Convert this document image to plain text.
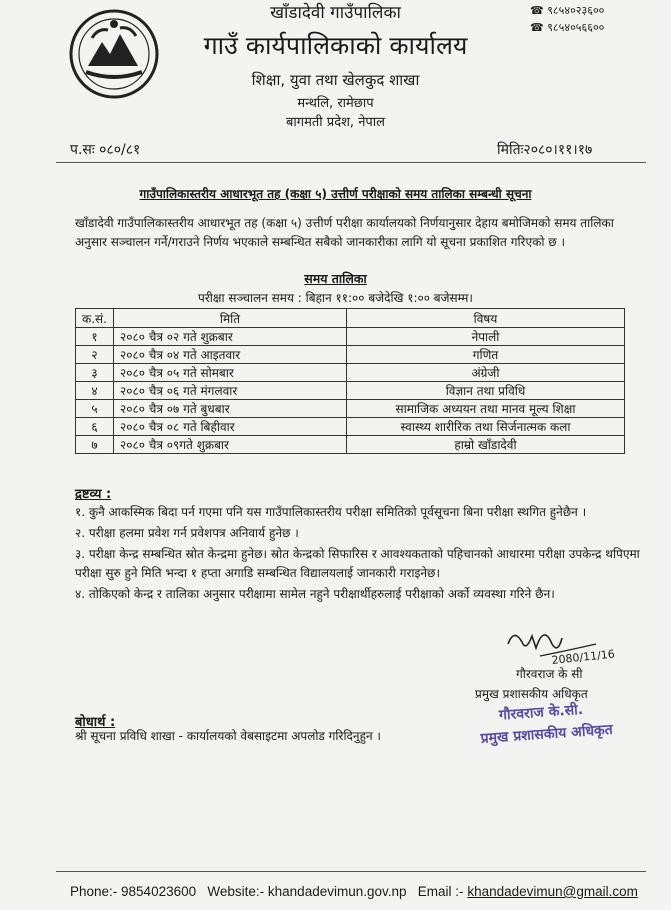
खाँडादेवी गाउँपालिका
गाउँ कार्यपालिकाको कार्यालय
शिक्षा, युवा तथा खेलकुद शाखा
मन्थलि, रामेछाप
बागमती प्रदेश, नेपाल
☎ ९८५४०२३६००
☎ ९८५४०५६६००
प.सः ०८०/८१	मितिः२०८०।११।१७
गाउँपालिकास्तरीय आधारभूत तह (कक्षा ५) उत्तीर्ण परीक्षाको समय तालिका सम्बन्धी सूचना
खाँडादेवी गाउँपालिकास्तरीय आधारभूत तह (कक्षा ५) उत्तीर्ण परीक्षा कार्यालयको निर्णयानुसार देहाय बमोजिमको समय तालिका अनुसार सञ्चालन गर्ने/गराउने निर्णय भएकाले सम्बन्धित सबैको जानकारीका लागि यो सूचना प्रकाशित गरिएको छ ।
समय तालिका
परीक्षा सञ्चालन समय : बिहान ११:०० बजेदेखि १:०० बजेसम्म।
क.सं.	मिति	विषय
१	२०८० चैत्र ०२ गते शुक्रबार	नेपाली
२	२०८० चैत्र ०४ गते आइतवार	गणित
३	२०८० चैत्र ०५ गते सोमबार	अंग्रेजी
४	२०८० चैत्र ०६ गते मंगलवार	विज्ञान तथा प्रविधि
५	२०८० चैत्र ०७ गते बुधबार	सामाजिक अध्ययन तथा मानव मूल्य शिक्षा
६	२०८० चैत्र ०८ गते बिहीवार	स्वास्थ्य शारीरिक तथा सिर्जनात्मक कला
७	२०८० चैत्र ०९गते शुक्रबार	हाम्रो खाँडादेवी
द्रष्टव्य :

१. कुनै आकस्मिक बिदा पर्न गएमा पनि यस गाउँपालिकास्तरीय परीक्षा समितिको पूर्वसूचना बिना परीक्षा स्थगित हुनेछैन ।

२. परीक्षा हलमा प्रवेश गर्न प्रवेशपत्र अनिवार्य हुनेछ ।

३. परीक्षा केन्द्र सम्बन्धित स्रोत केन्द्रमा हुनेछ। स्रोत केन्द्रको सिफारिस र आवश्यकताको पहिचानको आधारमा परीक्षा उपकेन्द्र थपिएमा परीक्षा सुरु हुने मिति भन्दा १ हप्ता अगाडि सम्बन्धित विद्यालयलाई जानकारी गराइनेछ।

४. तोकिएको केन्द्र र तालिका अनुसार परीक्षामा सामेल नहुने परीक्षार्थीहरुलाई परीक्षाको अर्को व्यवस्था गरिने छैन।

2080/11/16
गौरवराज के सी
प्रमुख प्रशासकीय अधिकृत
गौरवराज के.सी.
प्रमुख प्रशासकीय अधिकृत
बोधार्थ :
श्री सूचना प्रविधि शाखा - कार्यालयको वेबसाइटमा अपलोड गरिदिनुहुन ।
Phone:- 9854023600 Website:- khandadevimun.gov.np Email :- khandadevimun@gmail.com
